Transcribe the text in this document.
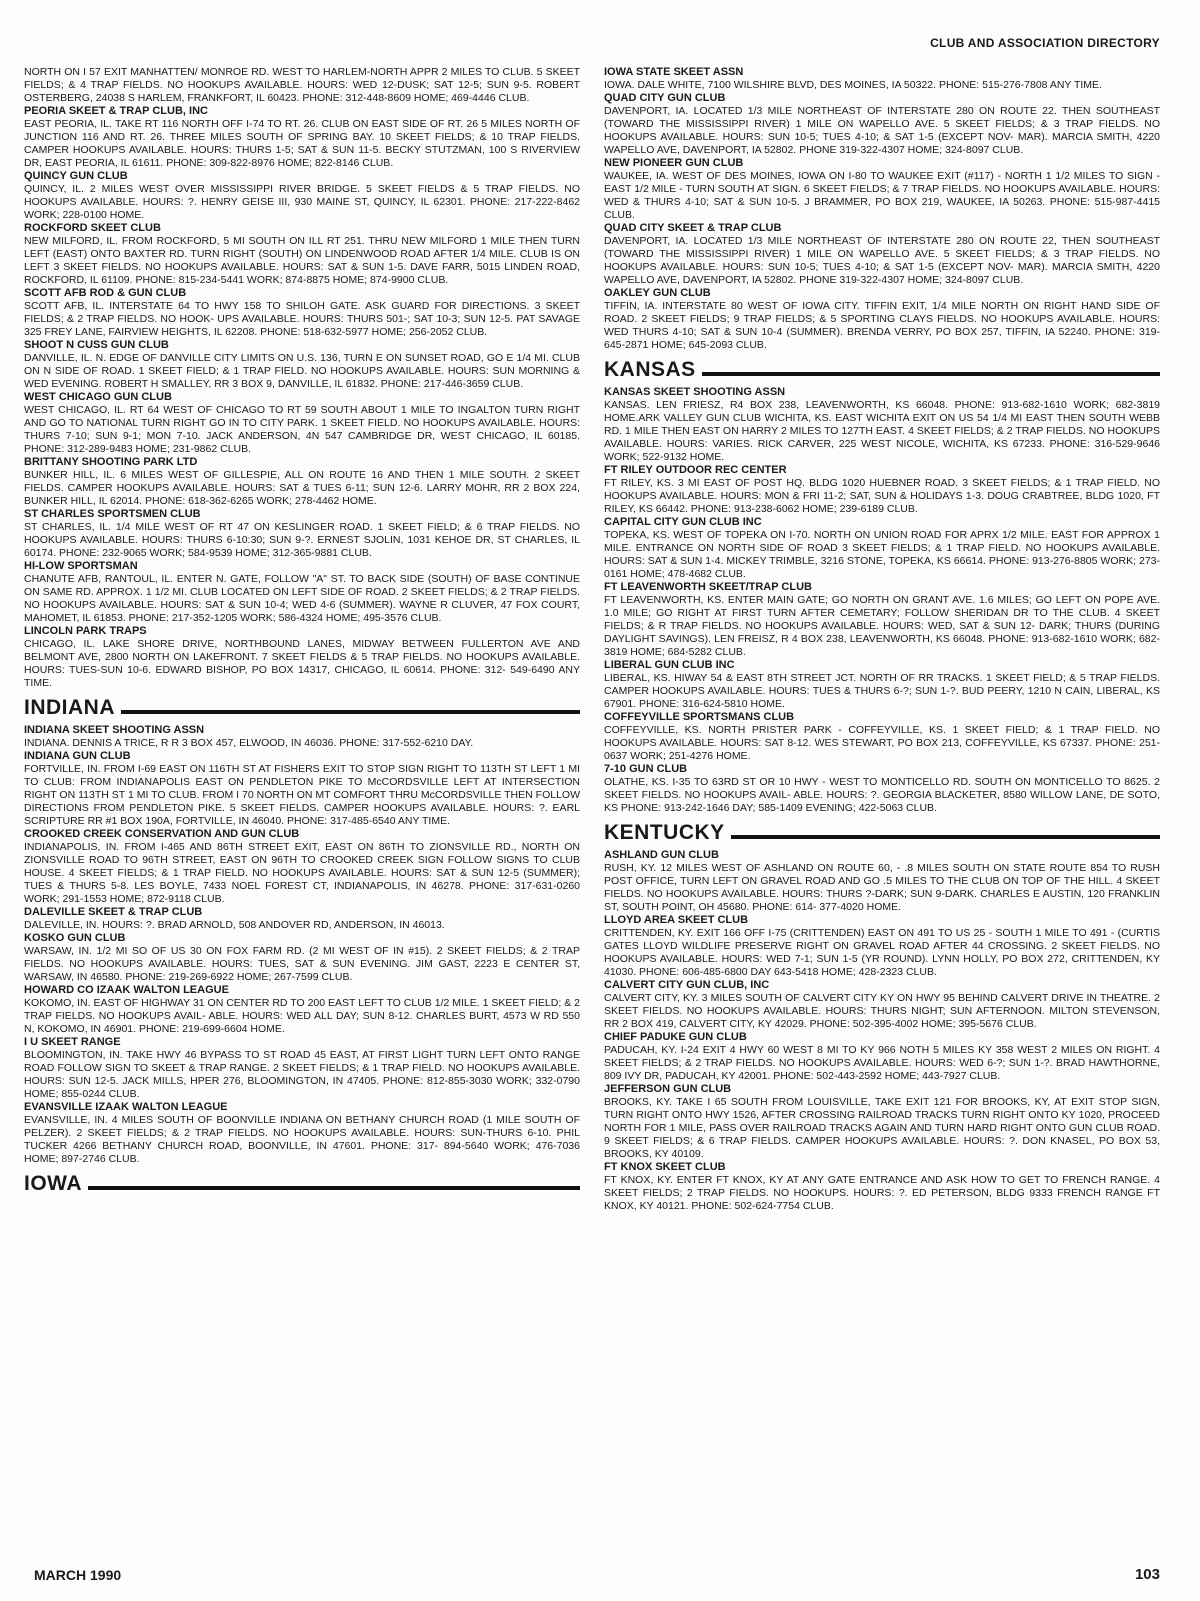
CLUB AND ASSOCIATION DIRECTORY

NORTH ON I 57 EXIT MANHATTEN/ MONROE RD. WEST TO HARLEM-NORTH APPR 2 MILES TO CLUB. 5 SKEET FIELDS; & 4 TRAP FIELDS. NO HOOKUPS AVAILABLE. HOURS: WED 12-DUSK; SAT 12-5; SUN 9-5. ROBERT OSTERBERG, 24038 S HARLEM, FRANKFORT, IL 60423. PHONE: 312-448-8609 HOME; 469-4446 CLUB.

PEORIA SKEET & TRAP CLUB, INC

EAST PEORIA, IL. TAKE RT 116 NORTH OFF I-74 TO RT. 26. CLUB ON EAST SIDE OF RT. 26 5 MILES NORTH OF JUNCTION 116 AND RT. 26. THREE MILES SOUTH OF SPRING BAY. 10 SKEET FIELDS; & 10 TRAP FIELDS. CAMPER HOOKUPS AVAILABLE. HOURS: THURS 1-5; SAT & SUN 11-5. BECKY STUTZMAN, 100 S RIVERVIEW DR, EAST PEORIA, IL 61611. PHONE: 309-822-8976 HOME; 822-8146 CLUB.

QUINCY GUN CLUB

QUINCY, IL. 2 MILES WEST OVER MISSISSIPPI RIVER BRIDGE. 5 SKEET FIELDS & 5 TRAP FIELDS. NO HOOKUPS AVAILABLE. HOURS: ?. HENRY GEISE III, 930 MAINE ST, QUINCY, IL 62301. PHONE: 217-222-8462 WORK; 228-0100 HOME.

ROCKFORD SKEET CLUB

NEW MILFORD, IL. FROM ROCKFORD, 5 MI SOUTH ON ILL RT 251. THRU NEW MILFORD 1 MILE THEN TURN LEFT (EAST) ONTO BAXTER RD. TURN RIGHT (SOUTH) ON LINDENWOOD ROAD AFTER 1/4 MILE. CLUB IS ON LEFT 3 SKEET FIELDS. NO HOOKUPS AVAILABLE. HOURS: SAT & SUN 1-5. DAVE FARR, 5015 LINDEN ROAD, ROCKFORD, IL 61109. PHONE: 815-234-5441 WORK; 874-8875 HOME; 874-9900 CLUB.

SCOTT AFB ROD & GUN CLUB

SCOTT AFB, IL. INTERSTATE 64 TO HWY 158 TO SHILOH GATE. ASK GUARD FOR DIRECTIONS. 3 SKEET FIELDS; & 2 TRAP FIELDS. NO HOOK- UPS AVAILABLE. HOURS: THURS 501-; SAT 10-3; SUN 12-5. PAT SAVAGE 325 FREY LANE, FAIRVIEW HEIGHTS, IL 62208. PHONE: 518-632-5977 HOME; 256-2052 CLUB.

SHOOT N CUSS GUN CLUB

DANVILLE, IL. N. EDGE OF DANVILLE CITY LIMITS ON U.S. 136, TURN E ON SUNSET ROAD, GO E 1/4 MI. CLUB ON N SIDE OF ROAD. 1 SKEET FIELD; & 1 TRAP FIELD. NO HOOKUPS AVAILABLE. HOURS: SUN MORNING & WED EVENING. ROBERT H SMALLEY, RR 3 BOX 9, DANVILLE, IL 61832. PHONE: 217-446-3659 CLUB.

WEST CHICAGO GUN CLUB

WEST CHICAGO, IL. RT 64 WEST OF CHICAGO TO RT 59 SOUTH ABOUT 1 MILE TO INGALTON TURN RIGHT AND GO TO NATIONAL TURN RIGHT GO IN TO CITY PARK. 1 SKEET FIELD. NO HOOKUPS AVAILABLE. HOURS: THURS 7-10; SUN 9-1; MON 7-10. JACK ANDERSON, 4N 547 CAMBRIDGE DR, WEST CHICAGO, IL 60185. PHONE: 312-289-9483 HOME; 231-9862 CLUB.

BRITTANY SHOOTING PARK LTD

BUNKER HILL, IL. 6 MILES WEST OF GILLESPIE, ALL ON ROUTE 16 AND THEN 1 MILE SOUTH. 2 SKEET FIELDS. CAMPER HOOKUPS AVAILABLE. HOURS: SAT & TUES 6-11; SUN 12-6. LARRY MOHR, RR 2 BOX 224, BUNKER HILL, IL 62014. PHONE: 618-362-6265 WORK; 278-4462 HOME.

ST CHARLES SPORTSMEN CLUB

ST CHARLES, IL. 1/4 MILE WEST OF RT 47 ON KESLINGER ROAD. 1 SKEET FIELD; & 6 TRAP FIELDS. NO HOOKUPS AVAILABLE. HOURS: THURS 6-10:30; SUN 9-?. ERNEST SJOLIN, 1031 KEHOE DR, ST CHARLES, IL 60174. PHONE: 232-9065 WORK; 584-9539 HOME; 312-365-9881 CLUB.

HI-LOW SPORTSMAN

CHANUTE AFB, RANTOUL, IL. ENTER N. GATE, FOLLOW "A" ST. TO BACK SIDE (SOUTH) OF BASE CONTINUE ON SAME RD. APPROX. 1 1/2 MI. CLUB LOCATED ON LEFT SIDE OF ROAD. 2 SKEET FIELDS; & 2 TRAP FIELDS. NO HOOKUPS AVAILABLE. HOURS: SAT & SUN 10-4; WED 4-6 (SUMMER). WAYNE R CLUVER, 47 FOX COURT, MAHOMET, IL 61853. PHONE: 217-352-1205 WORK; 586-4324 HOME; 495-3576 CLUB.

LINCOLN PARK TRAPS

CHICAGO, IL. LAKE SHORE DRIVE, NORTHBOUND LANES, MIDWAY BETWEEN FULLERTON AVE AND BELMONT AVE, 2800 NORTH ON LAKEFRONT. 7 SKEET FIELDS & 5 TRAP FIELDS. NO HOOKUPS AVAILABLE. HOURS: TUES-SUN 10-6. EDWARD BISHOP, PO BOX 14317, CHICAGO, IL 60614. PHONE: 312- 549-6490 ANY TIME.

INDIANA

INDIANA SKEET SHOOTING ASSN

INDIANA. DENNIS A TRICE, R R 3 BOX 457, ELWOOD, IN 46036. PHONE: 317-552-6210 DAY.

INDIANA GUN CLUB

FORTVILLE, IN. FROM I-69 EAST ON 116TH ST AT FISHERS EXIT TO STOP SIGN RIGHT TO 113TH ST LEFT 1 MI TO CLUB: FROM INDIANAPOLIS EAST ON PENDLETON PIKE TO McCORDSVILLE LEFT AT INTERSECTION RIGHT ON 113TH ST 1 MI TO CLUB. FROM I 70 NORTH ON MT COMFORT THRU McCORDSVILLE THEN FOLLOW DIRECTIONS FROM PENDLETON PIKE. 5 SKEET FIELDS. CAMPER HOOKUPS AVAILABLE. HOURS: ?. EARL SCRIPTURE RR #1 BOX 190A, FORTVILLE, IN 46040. PHONE: 317-485-6540 ANY TIME.

CROOKED CREEK CONSERVATION AND GUN CLUB

INDIANAPOLIS, IN. FROM I-465 AND 86TH STREET EXIT, EAST ON 86TH TO ZIONSVILLE RD., NORTH ON ZIONSVILLE ROAD TO 96TH STREET, EAST ON 96TH TO CROOKED CREEK SIGN FOLLOW SIGNS TO CLUB HOUSE. 4 SKEET FIELDS; & 1 TRAP FIELD. NO HOOKUPS AVAILABLE. HOURS: SAT & SUN 12-5 (SUMMER); TUES & THURS 5-8. LES BOYLE, 7433 NOEL FOREST CT, INDIANAPOLIS, IN 46278. PHONE: 317-631-0260 WORK; 291-1553 HOME; 872-9118 CLUB.

DALEVILLE SKEET & TRAP CLUB

DALEVILLE, IN. HOURS: ?. BRAD ARNOLD, 508 ANDOVER RD, ANDERSON, IN 46013.

KOSKO GUN CLUB

WARSAW, IN. 1/2 MI SO OF US 30 ON FOX FARM RD. (2 MI WEST OF IN #15). 2 SKEET FIELDS; & 2 TRAP FIELDS. NO HOOKUPS AVAILABLE. HOURS: TUES, SAT & SUN EVENING. JIM GAST, 2223 E CENTER ST, WARSAW, IN 46580. PHONE: 219-269-6922 HOME; 267-7599 CLUB.

HOWARD CO IZAAK WALTON LEAGUE

KOKOMO, IN. EAST OF HIGHWAY 31 ON CENTER RD TO 200 EAST LEFT TO CLUB 1/2 MILE. 1 SKEET FIELD; & 2 TRAP FIELDS. NO HOOKUPS AVAIL- ABLE. HOURS: WED ALL DAY; SUN 8-12. CHARLES BURT, 4573 W RD 550 N, KOKOMO, IN 46901. PHONE: 219-699-6604 HOME.

I U SKEET RANGE

BLOOMINGTON, IN. TAKE HWY 46 BYPASS TO ST ROAD 45 EAST, AT FIRST LIGHT TURN LEFT ONTO RANGE ROAD FOLLOW SIGN TO SKEET & TRAP RANGE. 2 SKEET FIELDS; & 1 TRAP FIELD. NO HOOKUPS AVAILABLE. HOURS: SUN 12-5. JACK MILLS, HPER 276, BLOOMINGTON, IN 47405. PHONE: 812-855-3030 WORK; 332-0790 HOME; 855-0244 CLUB.

EVANSVILLE IZAAK WALTON LEAGUE

EVANSVILLE, IN. 4 MILES SOUTH OF BOONVILLE INDIANA ON BETHANY CHURCH ROAD (1 MILE SOUTH OF PELZER). 2 SKEET FIELDS; & 2 TRAP FIELDS. NO HOOKUPS AVAILABLE. HOURS: SUN-THURS 6-10. PHIL TUCKER 4266 BETHANY CHURCH ROAD, BOONVILLE, IN 47601. PHONE: 317- 894-5640 WORK; 476-7036 HOME; 897-2746 CLUB.

IOWA

IOWA STATE SKEET ASSN

IOWA. DALE WHITE, 7100 WILSHIRE BLVD, DES MOINES, IA 50322. PHONE: 515-276-7808 ANY TIME.

QUAD CITY GUN CLUB

DAVENPORT, IA. LOCATED 1/3 MILE NORTHEAST OF INTERSTATE 280 ON ROUTE 22. THEN SOUTHEAST (TOWARD THE MISSISSIPPI RIVER) 1 MILE ON WAPELLO AVE. 5 SKEET FIELDS; & 3 TRAP FIELDS. NO HOOKUPS AVAILABLE. HOURS: SUN 10-5; TUES 4-10; & SAT 1-5 (EXCEPT NOV- MAR). MARCIA SMITH, 4220 WAPELLO AVE, DAVENPORT, IA 52802. PHONE 319-322-4307 HOME; 324-8097 CLUB.

NEW PIONEER GUN CLUB

WAUKEE, IA. WEST OF DES MOINES, IOWA ON I-80 TO WAUKEE EXIT (#117) - NORTH 1 1/2 MILES TO SIGN - EAST 1/2 MILE - TURN SOUTH AT SIGN. 6 SKEET FIELDS; & 7 TRAP FIELDS. NO HOOKUPS AVAILABLE. HOURS: WED & THURS 4-10; SAT & SUN 10-5. J BRAMMER, PO BOX 219, WAUKEE, IA 50263. PHONE: 515-987-4415 CLUB.

QUAD CITY SKEET & TRAP CLUB

DAVENPORT, IA. LOCATED 1/3 MILE NORTHEAST OF INTERSTATE 280 ON ROUTE 22, THEN SOUTHEAST (TOWARD THE MISSISSIPPI RIVER) 1 MILE ON WAPELLO AVE. 5 SKEET FIELDS; & 3 TRAP FIELDS. NO HOOKUPS AVAILABLE. HOURS: SUN 10-5; TUES 4-10; & SAT 1-5 (EXCEPT NOV- MAR). MARCIA SMITH, 4220 WAPELLO AVE, DAVENPORT, IA 52802. PHONE 319-322-4307 HOME; 324-8097 CLUB.

OAKLEY GUN CLUB

TIFFIN, IA. INTERSTATE 80 WEST OF IOWA CITY. TIFFIN EXIT, 1/4 MILE NORTH ON RIGHT HAND SIDE OF ROAD. 2 SKEET FIELDS; 9 TRAP FIELDS; & 5 SPORTING CLAYS FIELDS. NO HOOKUPS AVAILABLE. HOURS: WED THURS 4-10; SAT & SUN 10-4 (SUMMER). BRENDA VERRY, PO BOX 257, TIFFIN, IA 52240. PHONE: 319-645-2871 HOME; 645-2093 CLUB.

KANSAS

KANSAS SKEET SHOOTING ASSN

KANSAS. LEN FRIESZ, R4 BOX 238, LEAVENWORTH, KS 66048. PHONE: 913-682-1610 WORK; 682-3819 HOME.ARK VALLEY GUN CLUB WICHITA, KS. EAST WICHITA EXIT ON US 54 1/4 MI EAST THEN SOUTH WEBB RD. 1 MILE THEN EAST ON HARRY 2 MILES TO 127TH EAST. 4 SKEET FIELDS; & 2 TRAP FIELDS. NO HOOKUPS AVAILABLE. HOURS: VARIES. RICK CARVER, 225 WEST NICOLE, WICHITA, KS 67233. PHONE: 316-529-9646 WORK; 522-9132 HOME.

FT RILEY OUTDOOR REC CENTER

FT RILEY, KS. 3 MI EAST OF POST HQ. BLDG 1020 HUEBNER ROAD. 3 SKEET FIELDS; & 1 TRAP FIELD. NO HOOKUPS AVAILABLE. HOURS: MON & FRI 11-2; SAT, SUN & HOLIDAYS 1-3. DOUG CRABTREE, BLDG 1020, FT RILEY, KS 66442. PHONE: 913-238-6062 HOME; 239-6189 CLUB.

CAPITAL CITY GUN CLUB INC

TOPEKA, KS. WEST OF TOPEKA ON I-70. NORTH ON UNION ROAD FOR APRX 1/2 MILE. EAST FOR APPROX 1 MILE. ENTRANCE ON NORTH SIDE OF ROAD 3 SKEET FIELDS; & 1 TRAP FIELD. NO HOOKUPS AVAILABLE. HOURS: SAT & SUN 1-4. MICKEY TRIMBLE, 3216 STONE, TOPEKA, KS 66614. PHONE: 913-276-8805 WORK; 273-0161 HOME; 478-4682 CLUB.

FT LEAVENWORTH SKEET/TRAP CLUB

FT LEAVENWORTH, KS. ENTER MAIN GATE; GO NORTH ON GRANT AVE. 1.6 MILES; GO LEFT ON POPE AVE. 1.0 MILE; GO RIGHT AT FIRST TURN AFTER CEMETARY; FOLLOW SHERIDAN DR TO THE CLUB. 4 SKEET FIELDS; & R TRAP FIELDS. NO HOOKUPS AVAILABLE. HOURS: WED, SAT & SUN 12- DARK; THURS (DURING DAYLIGHT SAVINGS). LEN FREISZ, R 4 BOX 238, LEAVENWORTH, KS 66048. PHONE: 913-682-1610 WORK; 682-3819 HOME; 684-5282 CLUB.

LIBERAL GUN CLUB INC

LIBERAL, KS. HIWAY 54 & EAST 8TH STREET JCT. NORTH OF RR TRACKS. 1 SKEET FIELD; & 5 TRAP FIELDS. CAMPER HOOKUPS AVAILABLE. HOURS: TUES & THURS 6-?; SUN 1-?. BUD PEERY, 1210 N CAIN, LIBERAL, KS 67901. PHONE: 316-624-5810 HOME.

COFFEYVILLE SPORTSMANS CLUB

COFFEYVILLE, KS. NORTH PRISTER PARK - COFFEYVILLE, KS. 1 SKEET FIELD; & 1 TRAP FIELD. NO HOOKUPS AVAILABLE. HOURS: SAT 8-12. WES STEWART, PO BOX 213, COFFEYVILLE, KS 67337. PHONE: 251-0637 WORK; 251-4276 HOME.

7-10 GUN CLUB

OLATHE, KS. I-35 TO 63RD ST OR 10 HWY - WEST TO MONTICELLO RD. SOUTH ON MONTICELLO TO 8625. 2 SKEET FIELDS. NO HOOKUPS AVAIL- ABLE. HOURS: ?. GEORGIA BLACKETER, 8580 WILLOW LANE, DE SOTO, KS PHONE: 913-242-1646 DAY; 585-1409 EVENING; 422-5063 CLUB.

KENTUCKY

ASHLAND GUN CLUB

RUSH, KY. 12 MILES WEST OF ASHLAND ON ROUTE 60, - .8 MILES SOUTH ON STATE ROUTE 854 TO RUSH POST OFFICE, TURN LEFT ON GRAVEL ROAD AND GO .5 MILES TO THE CLUB ON TOP OF THE HILL. 4 SKEET FIELDS. NO HOOKUPS AVAILABLE. HOURS: THURS ?-DARK; SUN 9-DARK. CHARLES E AUSTIN, 120 FRANKLIN ST, SOUTH POINT, OH 45680. PHONE: 614- 377-4020 HOME.

LLOYD AREA SKEET CLUB

CRITTENDEN, KY. EXIT 166 OFF I-75 (CRITTENDEN) EAST ON 491 TO US 25 - SOUTH 1 MILE TO 491 - (CURTIS GATES LLOYD WILDLIFE PRESERVE RIGHT ON GRAVEL ROAD AFTER 44 CROSSING. 2 SKEET FIELDS. NO HOOKUPS AVAILABLE. HOURS: WED 7-1; SUN 1-5 (YR ROUND). LYNN HOLLY, PO BOX 272, CRITTENDEN, KY 41030. PHONE: 606-485-6800 DAY 643-5418 HOME; 428-2323 CLUB.

CALVERT CITY GUN CLUB, INC

CALVERT CITY, KY. 3 MILES SOUTH OF CALVERT CITY KY ON HWY 95 BEHIND CALVERT DRIVE IN THEATRE. 2 SKEET FIELDS. NO HOOKUPS AVAILABLE. HOURS: THURS NIGHT; SUN AFTERNOON. MILTON STEVENSON, RR 2 BOX 419, CALVERT CITY, KY 42029. PHONE: 502-395-4002 HOME; 395-5676 CLUB.

CHIEF PADUKE GUN CLUB

PADUCAH, KY. I-24 EXIT 4 HWY 60 WEST 8 MI TO KY 966 NOTH 5 MILES KY 358 WEST 2 MILES ON RIGHT. 4 SKEET FIELDS; & 2 TRAP FIELDS. NO HOOKUPS AVAILABLE. HOURS: WED 6-?; SUN 1-?. BRAD HAWTHORNE, 809 IVY DR, PADUCAH, KY 42001. PHONE: 502-443-2592 HOME; 443-7927 CLUB.

JEFFERSON GUN CLUB

BROOKS, KY. TAKE I 65 SOUTH FROM LOUISVILLE, TAKE EXIT 121 FOR BROOKS, KY, AT EXIT STOP SIGN, TURN RIGHT ONTO HWY 1526, AFTER CROSSING RAILROAD TRACKS TURN RIGHT ONTO KY 1020, PROCEED NORTH FOR 1 MILE, PASS OVER RAILROAD TRACKS AGAIN AND TURN HARD RIGHT ONTO GUN CLUB ROAD. 9 SKEET FIELDS; & 6 TRAP FIELDS. CAMPER HOOKUPS AVAILABLE. HOURS: ?. DON KNASEL, PO BOX 53, BROOKS, KY 40109.

FT KNOX SKEET CLUB

FT KNOX, KY. ENTER FT KNOX, KY AT ANY GATE ENTRANCE AND ASK HOW TO GET TO FRENCH RANGE. 4 SKEET FIELDS; 2 TRAP FIELDS. NO HOOKUPS. HOURS: ?. ED PETERSON, BLDG 9333 FRENCH RANGE FT KNOX, KY 40121. PHONE: 502-624-7754 CLUB.

MARCH 1990	103
